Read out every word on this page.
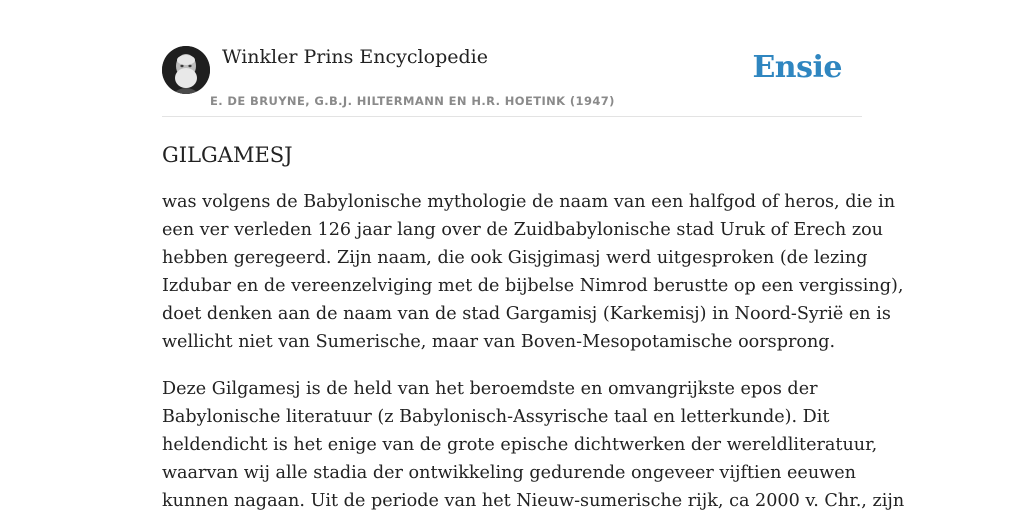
Winkler Prins Encyclopedie
E. DE BRUYNE, G.B.J. HILTERMANN EN H.R. HOETINK (1947)
Ensie
GILGAMESJ

was volgens de Babylonische mythologie de naam van een halfgod of heros, die in
een ver verleden 126 jaar lang over de Zuidbabylonische stad Uruk of Erech zou
hebben geregeerd. Zijn naam, die ook Gisjgimasj werd uitgesproken (de lezing
Izdubar en de vereenzelviging met de bijbelse Nimrod berustte op een vergissing),
doet denken aan de naam van de stad Gargamisj (Karkemisj) in Noord-Syrië en is
wellicht niet van Sumerische, maar van Boven-Mesopotamische oorsprong.

Deze Gilgamesj is de held van het beroemdste en omvangrijkste epos der
Babylonische literatuur (z Babylonisch-Assyrische taal en letterkunde). Dit
heldendicht is het enige van de grote epische dichtwerken der wereldliteratuur,
waarvan wij alle stadia der ontwikkeling gedurende ongeveer vijftien eeuwen
kunnen nagaan. Uit de periode van het Nieuw-sumerische rijk, ca 2000 v. Chr., zijn
